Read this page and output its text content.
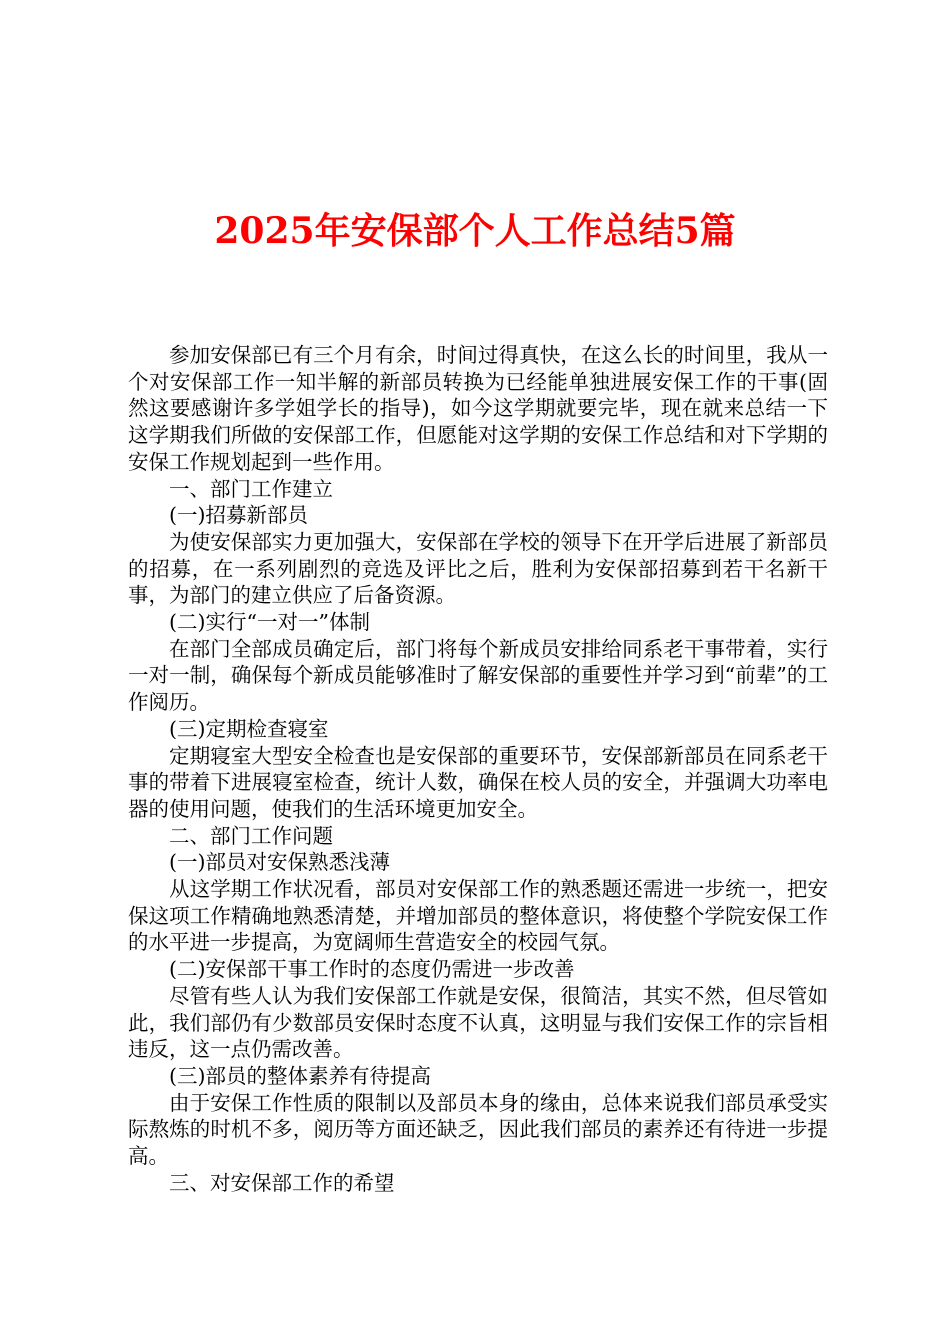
2025年安保部个人工作总结5篇

参加安保部已有三个月有余，时间过得真快，在这么长的时间里，我从一个对安保部工作一知半解的新部员转换为已经能单独进展安保工作的干事(固然这要感谢许多学姐学长的指导)，如今这学期就要完毕，现在就来总结一下这学期我们所做的安保部工作，但愿能对这学期的安保工作总结和对下学期的安保工作规划起到一些作用。

一、部门工作建立

(一)招募新部员

为使安保部实力更加强大，安保部在学校的领导下在开学后进展了新部员的招募，在一系列剧烈的竞选及评比之后，胜利为安保部招募到若干名新干事，为部门的建立供应了后备资源。

(二)实行“一对一”体制

在部门全部成员确定后，部门将每个新成员安排给同系老干事带着，实行一对一制，确保每个新成员能够准时了解安保部的重要性并学习到“前辈”的工作阅历。

(三)定期检查寝室

定期寝室大型安全检查也是安保部的重要环节，安保部新部员在同系老干事的带着下进展寝室检查，统计人数，确保在校人员的安全，并强调大功率电器的使用问题，使我们的生活环境更加安全。

二、部门工作问题

(一)部员对安保熟悉浅薄

从这学期工作状况看，部员对安保部工作的熟悉题还需进一步统一，把安保这项工作精确地熟悉清楚，并增加部员的整体意识，将使整个学院安保工作的水平进一步提高，为宽阔师生营造安全的校园气氛。

(二)安保部干事工作时的态度仍需进一步改善

尽管有些人认为我们安保部工作就是安保，很简洁，其实不然，但尽管如此，我们部仍有少数部员安保时态度不认真，这明显与我们安保工作的宗旨相违反，这一点仍需改善。

(三)部员的整体素养有待提高

由于安保工作性质的限制以及部员本身的缘由，总体来说我们部员承受实际熬炼的时机不多，阅历等方面还缺乏，因此我们部员的素养还有待进一步提高。

三、对安保部工作的希望
